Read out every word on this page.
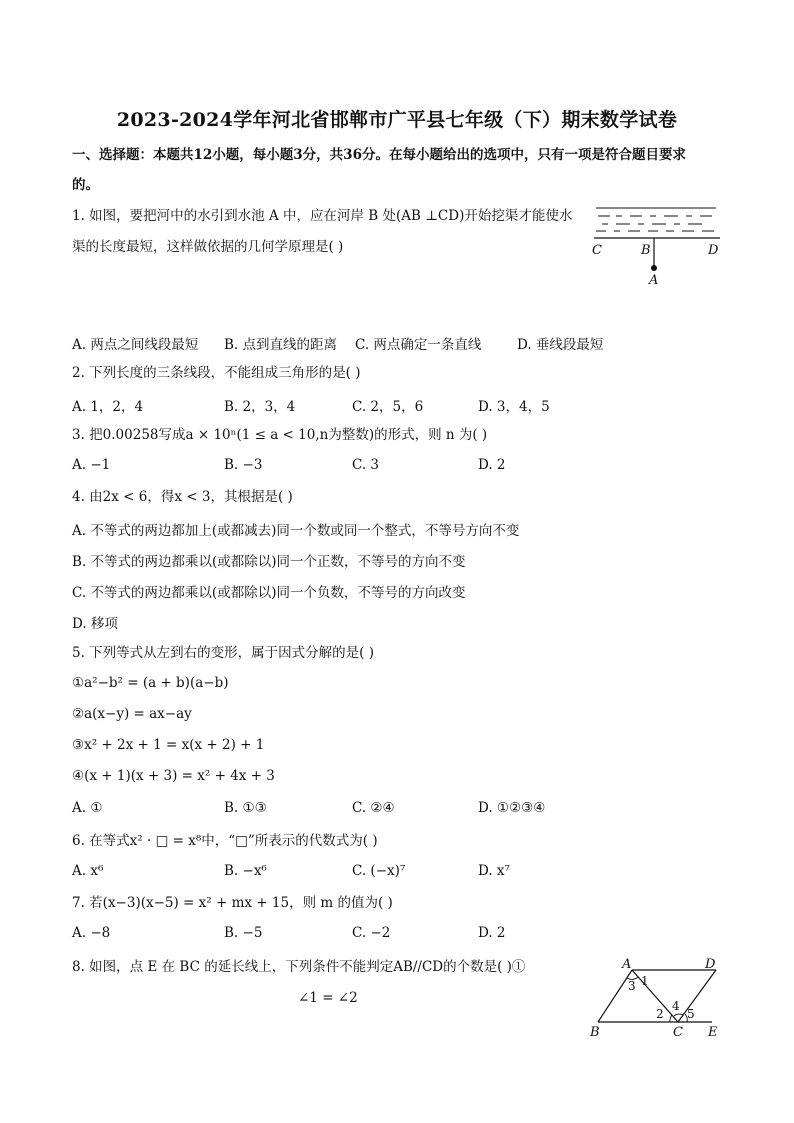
2023-2024学年河北省邯郸市广平县七年级（下）期末数学试卷
一、选择题：本题共12小题，每小题3分，共36分。在每小题给出的选项中，只有一项是符合题目要求
的。
1. 如图，要把河中的水引到水池 A 中，应在河岸 B 处(AB ⊥CD)开始挖渠才能使水
渠的长度最短，这样做依据的几何学原理是( )	C	B	D
A
A. 两点之间线段最短 B. 点到直线的距离 C. 两点确定一条直线	D. 垂线段最短
2. 下列长度的三条线段，不能组成三角形的是( )
A. 1，2，4	B. 2，3，4	C. 2，5，6	D. 3，4，5
3. 把0.00258写成a × 10ⁿ(1 ≤ a < 10,n为整数)的形式，则 n 为( )
A. −1	B. −3	C. 3	D. 2
4. 由2x < 6，得x < 3，其根据是( )
A. 不等式的两边都加上(或都减去)同一个数或同一个整式，不等号方向不变
B. 不等式的两边都乘以(或都除以)同一个正数，不等号的方向不变
C. 不等式的两边都乘以(或都除以)同一个负数，不等号的方向改变
D. 移项
5. 下列等式从左到右的变形，属于因式分解的是( )
①a²−b² = (a + b)(a−b)
②a(x−y) = ax−ay
③x² + 2x + 1 = x(x + 2) + 1
④(x + 1)(x + 3) = x² + 4x + 3
A. ①	B. ①③	C. ②④	D. ①②③④
6. 在等式x² · □ = x⁸中，“□”所表示的代数式为( )
A. x⁶	B. −x⁶	C. (−x)⁷	D. x⁷
7. 若(x−3)(x−5) = x² + mx + 15，则 m 的值为( )
A. −8	B. −5	C. −2	D. 2
8. 如图，点 E 在 BC 的延长线上，下列条件不能判定AB//CD的个数是( )①
∠1 = ∠2
A	D
B	C E
1
2
3
4
5
